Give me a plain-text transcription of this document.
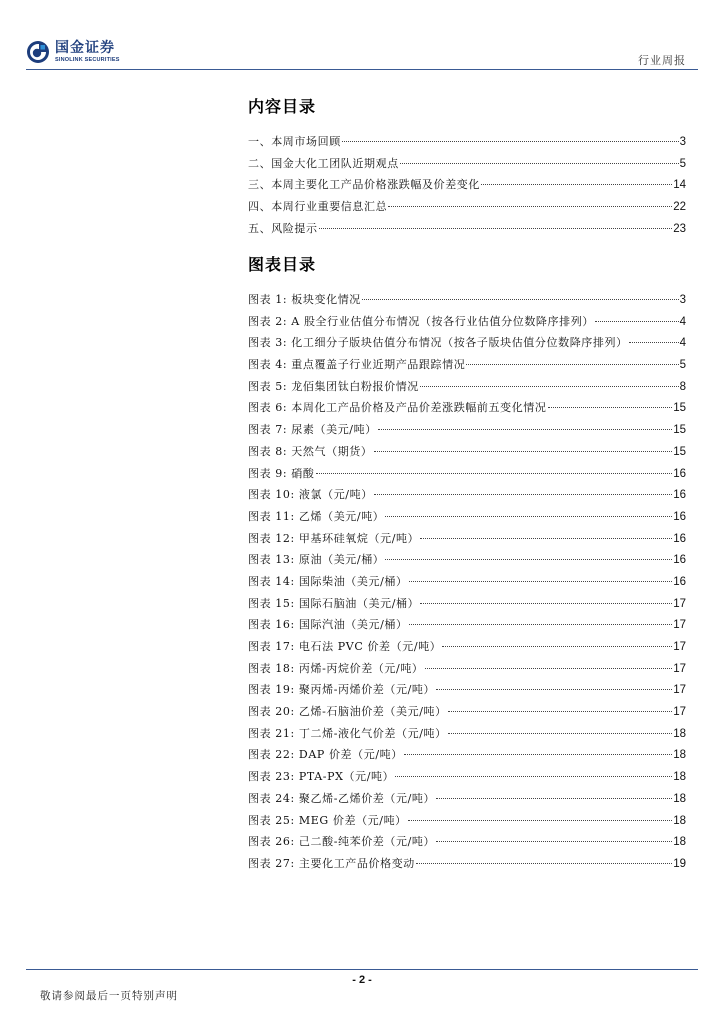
国金证券
SINOLINK SECURITIES	行业周报
内容目录
一、本周市场回顾	3
二、国金大化工团队近期观点	5
三、本周主要化工产品价格涨跌幅及价差变化	14
四、本周行业重要信息汇总	22
五、风险提示	23
图表目录
图表 1: 板块变化情况	3
图表 2: A 股全行业估值分布情况（按各行业估值分位数降序排列）	4
图表 3: 化工细分子版块估值分布情况（按各子版块估值分位数降序排列）	4
图表 4: 重点覆盖子行业近期产品跟踪情况	5
图表 5: 龙佰集团钛白粉报价情况	8
图表 6: 本周化工产品价格及产品价差涨跌幅前五变化情况	15
图表 7: 尿素（美元/吨）	15
图表 8: 天然气（期货）	15
图表 9: 硝酸	16
图表 10: 液氯（元/吨）	16
图表 11: 乙烯（美元/吨）	16
图表 12: 甲基环硅氧烷（元/吨）	16
图表 13: 原油（美元/桶）	16
图表 14: 国际柴油（美元/桶）	16
图表 15: 国际石脑油（美元/桶）	17
图表 16: 国际汽油（美元/桶）	17
图表 17: 电石法 PVC 价差（元/吨）	17
图表 18: 丙烯-丙烷价差（元/吨）	17
图表 19: 聚丙烯-丙烯价差（元/吨）	17
图表 20: 乙烯-石脑油价差（美元/吨）	17
图表 21: 丁二烯-液化气价差（元/吨）	18
图表 22: DAP 价差（元/吨）	18
图表 23: PTA-PX（元/吨）	18
图表 24: 聚乙烯-乙烯价差（元/吨）	18
图表 25: MEG 价差（元/吨）	18
图表 26: 己二酸-纯苯价差（元/吨）	18
图表 27: 主要化工产品价格变动	19
- 2 -
敬请参阅最后一页特别声明
